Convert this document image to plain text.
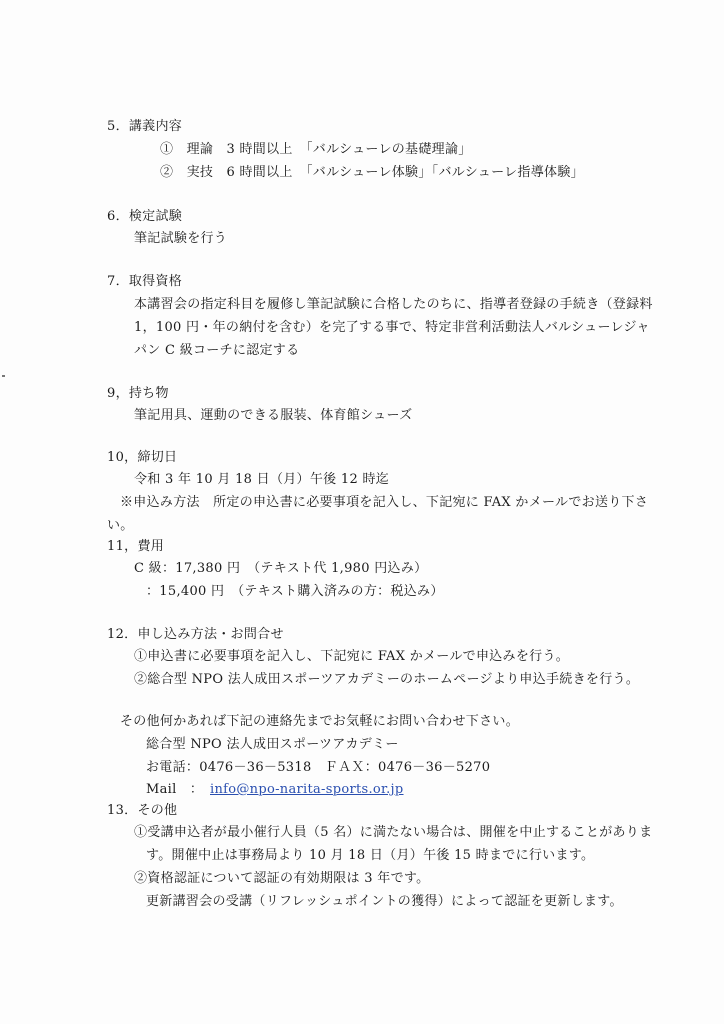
5．講義内容
①　理論　3 時間以上　「バルシューレの基礎理論」
②　実技　6 時間以上　「バルシューレ体験」「バルシューレ指導体験」
6．検定試験
筆記試験を行う
7．取得資格
本講習会の指定科目を履修し筆記試験に合格したのちに、指導者登録の手続き（登録料
1，100 円・年の納付を含む）を完了する事で、特定非営利活動法人バルシューレジャ
パン C 級コーチに認定する
9，持ち物
筆記用具、運動のできる服装、体育館シューズ
10，締切日
令和 3 年 10 月 18 日（月）午後 12 時迄
※申込み方法　所定の申込書に必要事項を記入し、下記宛に FAX かメールでお送り下さ
い。
11，費用
C 級：17,380 円　（テキスト代 1,980 円込み）
：15,400 円　（テキスト購入済みの方：税込み）
12．申し込み方法・お問合せ
①申込書に必要事項を記入し、下記宛に FAX かメールで申込みを行う。
②総合型 NPO 法人成田スポーツアカデミーのホームページより申込手続きを行う。
その他何かあれば下記の連絡先までお気軽にお問い合わせ下さい。
総合型 NPO 法人成田スポーツアカデミー
お電話：0476－36－5318　ＦＡＸ：0476－36－5270
Mail　： info@npo-narita-sports.or.jp
13．その他
①受講申込者が最小催行人員（5 名）に満たない場合は、開催を中止することがありま
す。開催中止は事務局より 10 月 18 日（月）午後 15 時までに行います。
②資格認証について認証の有効期限は 3 年です。
更新講習会の受講（リフレッシュポイントの獲得）によって認証を更新します。
